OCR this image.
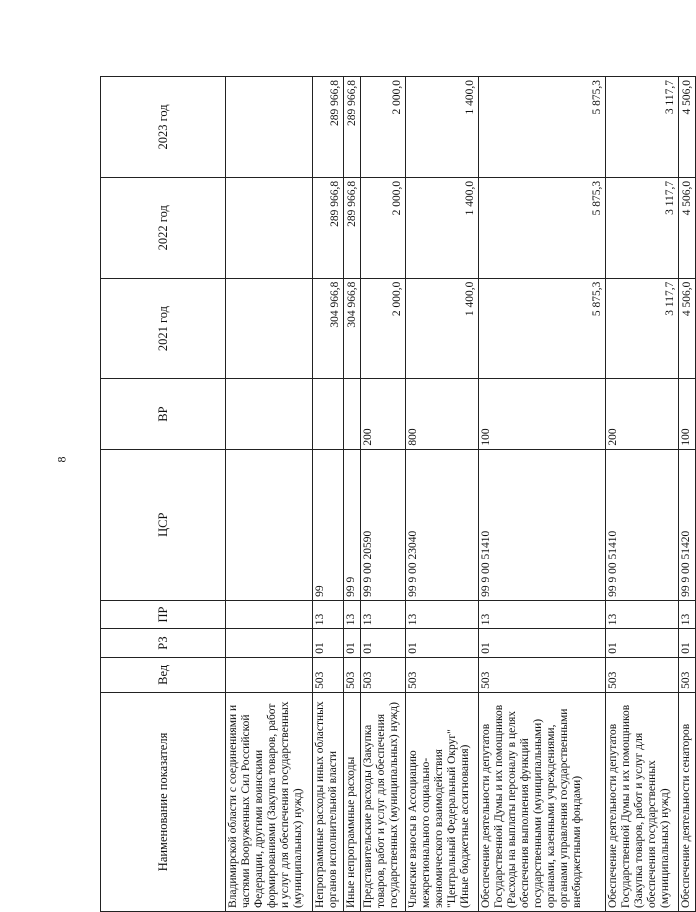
8
Наименование показателя	Вед	РЗ	ПР	ЦСР	ВР	2021 год	2022 год	2023 год
Владимирской области с соединениями и частями Вооруженных Сил Российской Федерации, другими воинскими формированиями (Закупка товаров, работ и услуг для обеспечения государственных (муниципальных) нужд)								
Непрограммные расходы иных областных органов исполнительной власти	503	01	13	99		304 966,8	289 966,8	289 966,8
Иные непрограммные расходы	503	01	13	99 9		304 966,8	289 966,8	289 966,8
Представительские расходы (Закупка товаров, работ и услуг для обеспечения государственных (муниципальных) нужд)	503	01	13	99 9 00 20590	200	2 000,0	2 000,0	2 000,0
Членские взносы в Ассоциацию межрегионального социально-экономического взаимодействия "Центральный Федеральный Округ" (Иные бюджетные ассигнования)	503	01	13	99 9 00 23040	800	1 400,0	1 400,0	1 400,0
Обеспечение деятельности депутатов Государственной Думы и их помощников (Расходы на выплаты персоналу в целях обеспечения выполнения функций государственными (муниципальными) органами, казенными учреждениями, органами управления государственными внебюджетными фондами)	503	01	13	99 9 00 51410	100	5 875,3	5 875,3	5 875,3
Обеспечение деятельности депутатов Государственной Думы и их помощников (Закупка товаров, работ и услуг для обеспечения государственных (муниципальных) нужд)	503	01	13	99 9 00 51410	200	3 117,7	3 117,7	3 117,7
Обеспечение деятельности сенаторов	503	01	13	99 9 00 51420	100	4 506,0	4 506,0	4 506,0
